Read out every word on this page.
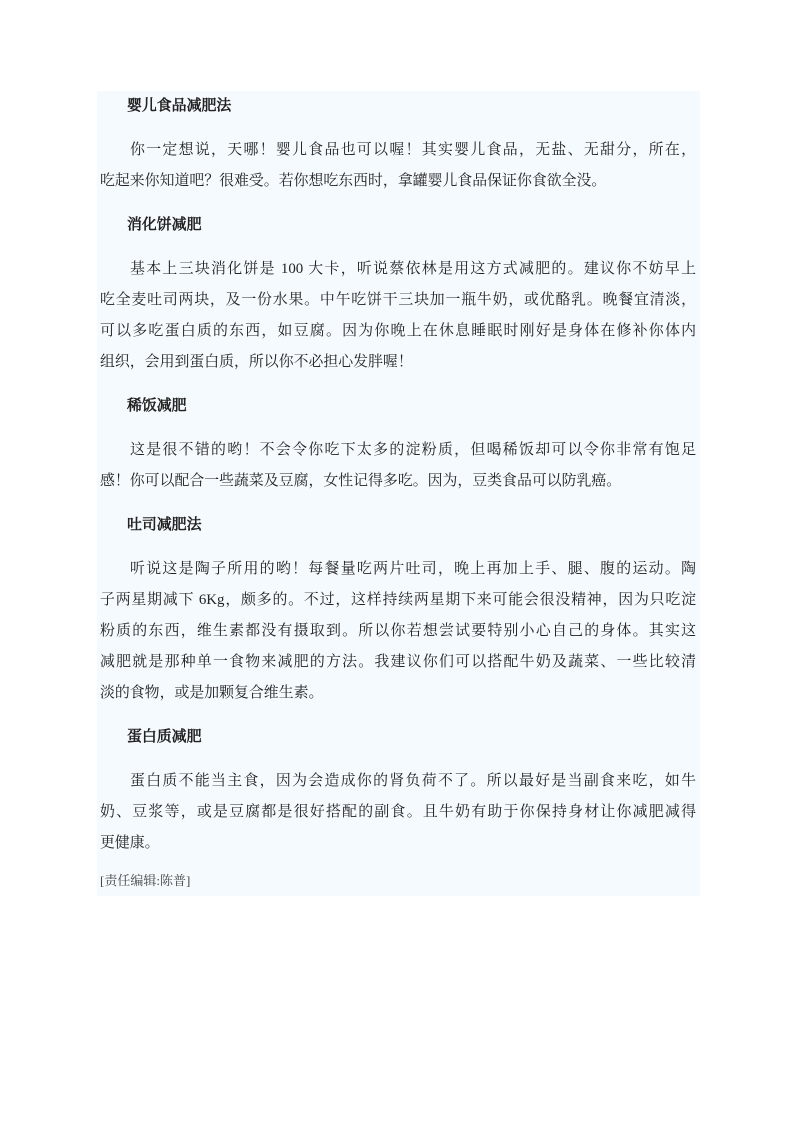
婴儿食品减肥法
你一定想说，天哪！婴儿食品也可以喔！其实婴儿食品，无盐、无甜分，所在，
吃起来你知道吧？很难受。若你想吃东西时，拿罐婴儿食品保证你食欲全没。
消化饼减肥
基本上三块消化饼是 100 大卡，听说蔡依林是用这方式减肥的。建议你不妨早上
吃全麦吐司两块，及一份水果。中午吃饼干三块加一瓶牛奶，或优酪乳。晚餐宜清淡，
可以多吃蛋白质的东西，如豆腐。因为你晚上在休息睡眠时刚好是身体在修补你体内
组织，会用到蛋白质，所以你不必担心发胖喔！
稀饭减肥
这是很不错的哟！不会令你吃下太多的淀粉质，但喝稀饭却可以令你非常有饱足
感！你可以配合一些蔬菜及豆腐，女性记得多吃。因为，豆类食品可以防乳癌。
吐司减肥法
听说这是陶子所用的哟！每餐量吃两片吐司，晚上再加上手、腿、腹的运动。陶
子两星期减下 6Kg，颇多的。不过，这样持续两星期下来可能会很没精神，因为只吃淀
粉质的东西，维生素都没有摄取到。所以你若想尝试要特别小心自己的身体。其实这
减肥就是那种单一食物来减肥的方法。我建议你们可以搭配牛奶及蔬菜、一些比较清
淡的食物，或是加颗复合维生素。
蛋白质减肥
蛋白质不能当主食，因为会造成你的肾负荷不了。所以最好是当副食来吃，如牛
奶、豆浆等，或是豆腐都是很好搭配的副食。且牛奶有助于你保持身材让你减肥减得
更健康。
[责任编辑:陈普]
